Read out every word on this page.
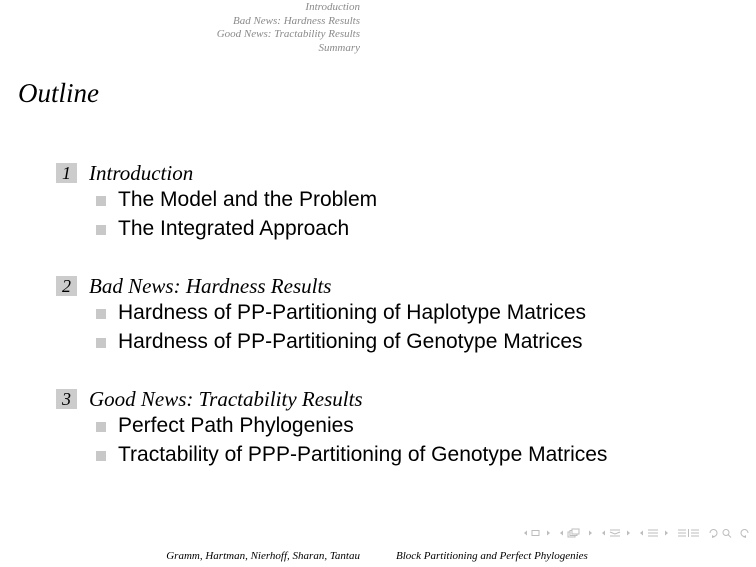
Introduction
Bad News: Hardness Results
Good News: Tractability Results
Summary
Outline
1 Introduction
The Model and the Problem
The Integrated Approach
2 Bad News: Hardness Results
Hardness of PP-Partitioning of Haplotype Matrices
Hardness of PP-Partitioning of Genotype Matrices
3 Good News: Tractability Results
Perfect Path Phylogenies
Tractability of PPP-Partitioning of Genotype Matrices
Gramm, Hartman, Nierhoff, Sharan, Tantau	Block Partitioning and Perfect Phylogenies
